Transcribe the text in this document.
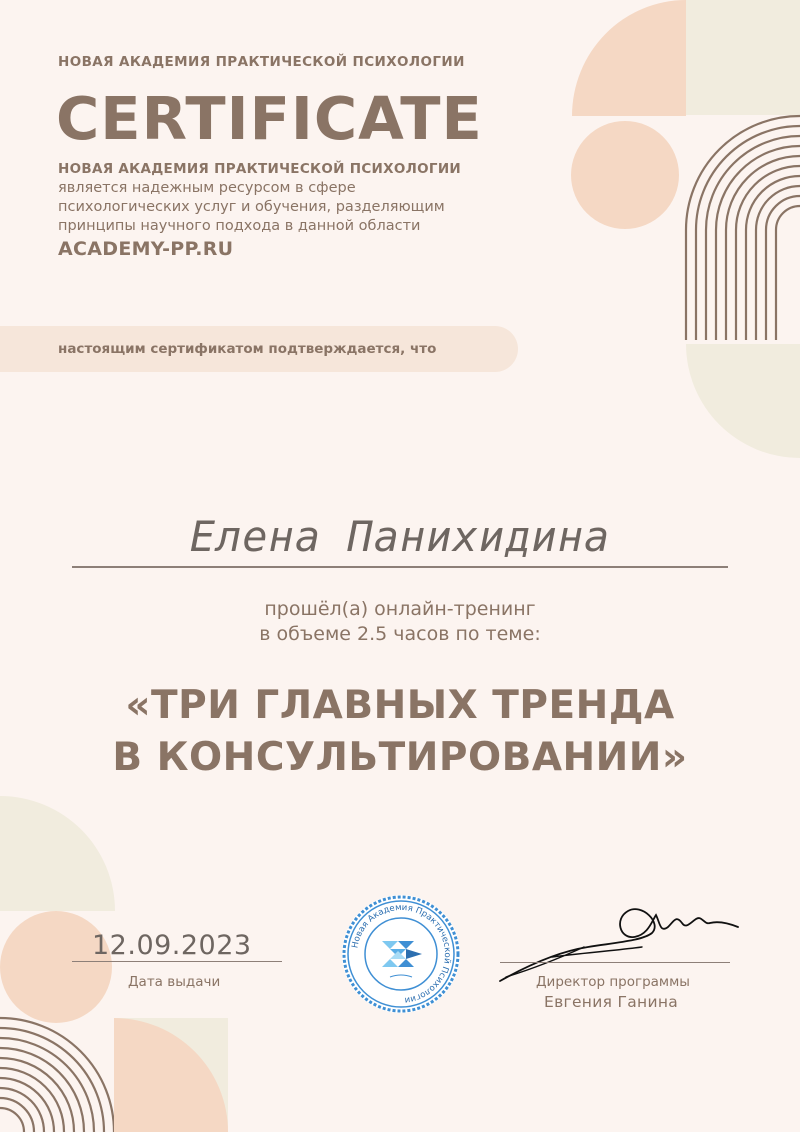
НОВАЯ АКАДЕМИЯ ПРАКТИЧЕСКОЙ ПСИХОЛОГИИ
CERTIFICATE
НОВАЯ АКАДЕМИЯ ПРАКТИЧЕСКОЙ ПСИХОЛОГИИ
является надежным ресурсом в сфере
психологических услуг и обучения, разделяющим
принципы научного подхода в данной области
ACADEMY-PP.RU
настоящим сертификатом подтверждается, что
Елена Панихидина
прошёл(а) онлайн-тренинг
в объеме 2.5 часов по теме:
«ТРИ ГЛАВНЫХ ТРЕНДА
В КОНСУЛЬТИРОВАНИИ»
12.09.2023
Дата выдачи
Новая Академия Практической Психологии
Директор программы
Евгения Ганина
